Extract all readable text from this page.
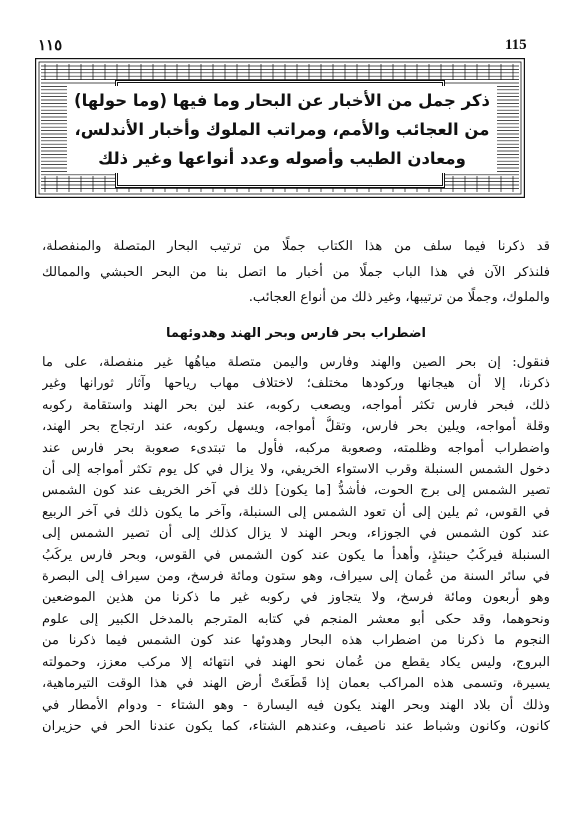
115
١١٥
ذكر جمل من الأخبار عن البحار وما فيها (وما حولها)
من العجائب والأمم، ومراتب الملوك وأخبار الأندلس،
ومعادن الطيب وأصوله وعدد أنواعها وغير ذلك
قد ذكرنا فيما سلف من هذا الكتاب جملًا من ترتيب البحار المتصلة والمنفصلة،
فلنذكر الآن في هذا الباب جملًا من أخبار ما اتصل بنا من البحر الحبشي والممالك
والملوك، وجملًا من ترتيبها، وغير ذلك من أنواع العجائب.
اضطراب بحر فارس وبحر الهند وهدوئهما
فنقول: إن بحر الصين والهند وفارس واليمن متصلة مياهُها غير منفصلة، على ما
ذكرنا، إلا أن هيجانها وركودها مختلف؛ لاختلاف مهاب رياحها وآثار ثورانها وغير
ذلك، فبحر فارس تكثر أمواجه، ويصعب ركوبه، عند لين بحر الهند واستقامة ركوبه
وقلة أمواجه، ويلين بحر فارس، وتقلُّ أمواجه، ويسهل ركوبه، عند ارتجاج بحر الهند،
واضطراب أمواجه وظلمته، وصعوبة مركبه، فأول ما تبتدىء صعوبة بحر فارس عند
دخول الشمس السنبلة وقرب الاستواء الخريفي، ولا يزال في كل يوم تكثر أمواجه إلى أن
تصير الشمس إلى برج الحوت، فأشدُّ [ما يكون] ذلك في آخر الخريف عند كون الشمس
في القوس، ثم يلين إلى أن تعود الشمس إلى السنبلة، وآخر ما يكون ذلك في آخر الربيع
عند كون الشمس في الجوزاء، وبحر الهند لا يزال كذلك إلى أن تصير الشمس إلى
السنبلة فيركَبُ حينئذٍ، وأهدأ ما يكون عند كون الشمس في القوس، وبحر فارس يركَبُ
في سائر السنة من عُمان إلى سيراف، وهو ستون ومائة فرسخ، ومن سيراف إلى البصرة
وهو أربعون ومائة فرسخ، ولا يتجاوز في ركوبه غير ما ذكرنا من هذين الموضعين
ونحوهما، وقد حكى أبو معشر المنجم في كتابه المترجم بالمدخل الكبير إلى علوم
النجوم ما ذكرنا من اضطراب هذه البحار وهدوئها عند كون الشمس فيما ذكرنا من
البروج، وليس يكاد يقطع من عُمان نحو الهند في انتهائه إلا مركب معزز، وحمولته
يسيرة، وتسمى هذه المراكب بعمان إذا قَطَعَتْ أرض الهند في هذا الوقت التيرماهية،
وذلك أن بلاد الهند وبحر الهند يكون فيه اليسارة - وهو الشتاء - ودوام الأمطار في
كانون، وكانون وشباط عند ناصيف، وعندهم الشتاء، كما يكون عندنا الحر في حزيران
